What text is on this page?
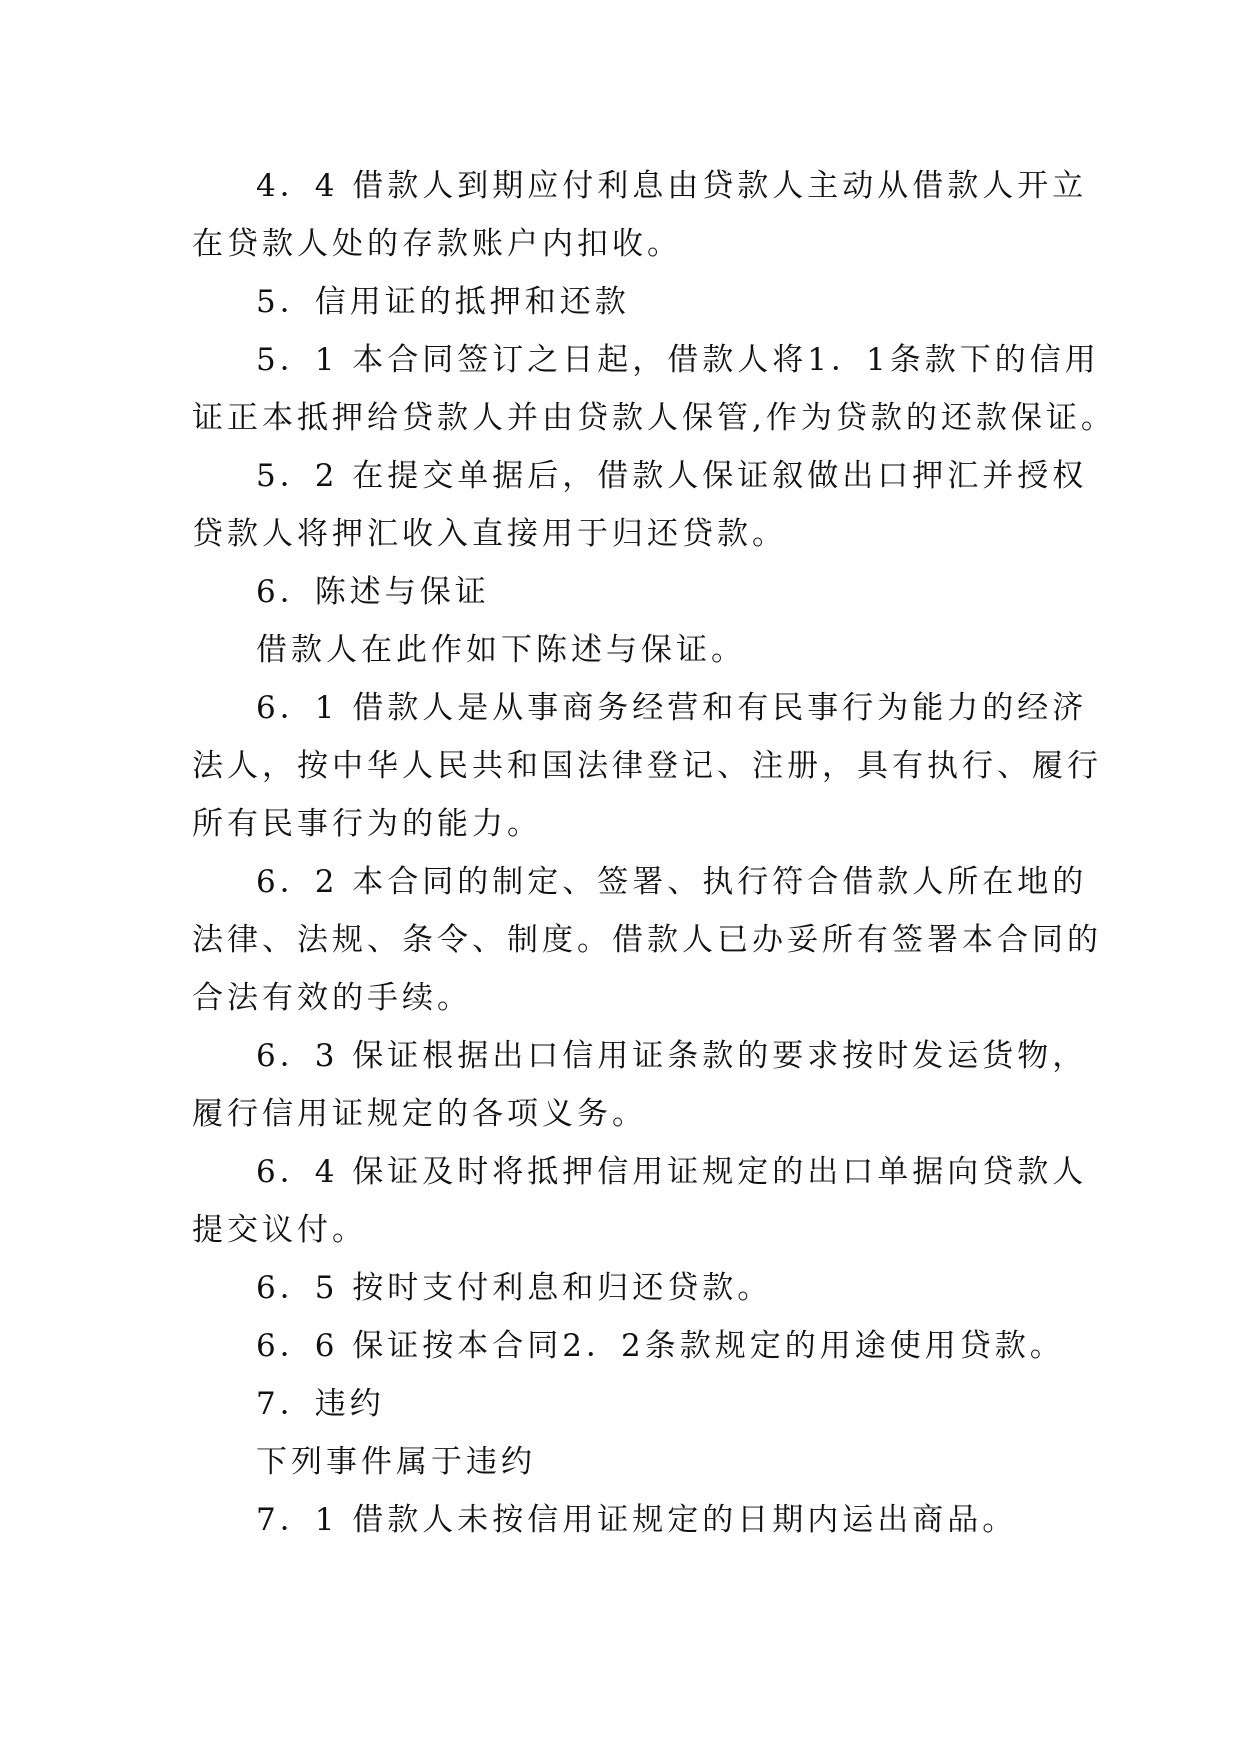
4．4 借款人到期应付利息由贷款人主动从借款人开立
在贷款人处的存款账户内扣收。
5．信用证的抵押和还款
5．1 本合同签订之日起，借款人将1．1条款下的信用
证正本抵押给贷款人并由贷款人保管,作为贷款的还款保证。
5．2 在提交单据后，借款人保证叙做出口押汇并授权
贷款人将押汇收入直接用于归还贷款。
6．陈述与保证
借款人在此作如下陈述与保证。
6．1 借款人是从事商务经营和有民事行为能力的经济
法人，按中华人民共和国法律登记、注册，具有执行、履行
所有民事行为的能力。
6．2 本合同的制定、签署、执行符合借款人所在地的
法律、法规、条令、制度。借款人已办妥所有签署本合同的
合法有效的手续。
6．3 保证根据出口信用证条款的要求按时发运货物，
履行信用证规定的各项义务。
6．4 保证及时将抵押信用证规定的出口单据向贷款人
提交议付。
6．5 按时支付利息和归还贷款。
6．6 保证按本合同2．2条款规定的用途使用贷款。
7．违约
下列事件属于违约
7．1 借款人未按信用证规定的日期内运出商品。
